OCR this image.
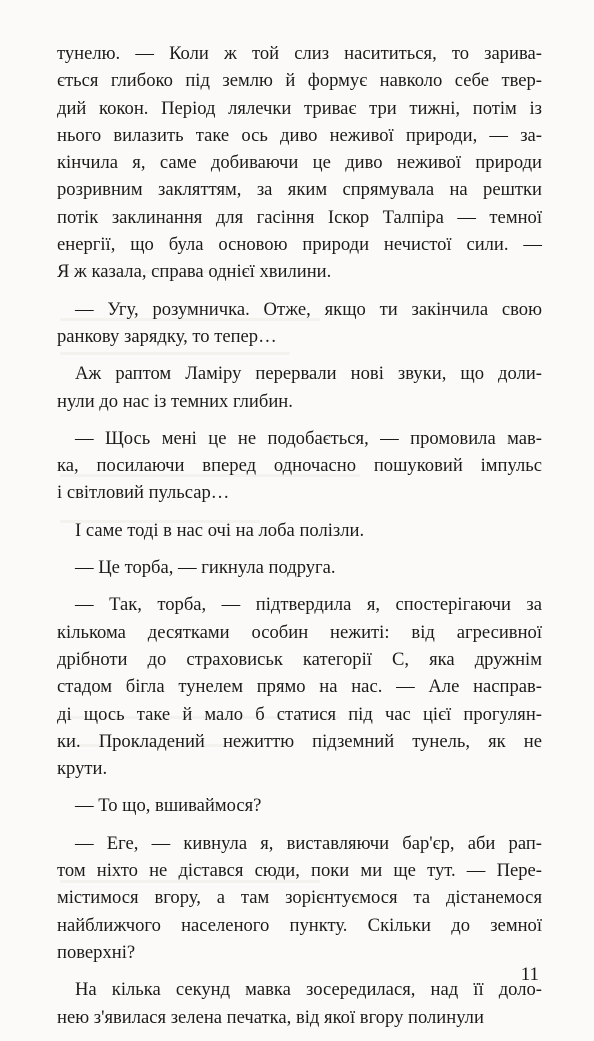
тунелю. — Коли ж той слиз насититься, то зарива-
ється глибоко під землю й формує навколо себе твер-
дий кокон. Період лялечки триває три тижні, потім із
нього вилазить таке ось диво неживої природи, — за-
кінчила я, саме добиваючи це диво неживої природи
розривним закляттям, за яким спрямувала на рештки
потік заклинання для гасіння Іскор Талпіра — темної
енергії, що була основою природи нечистої сили. —
Я ж казала, справа однієї хвилини.
— Угу, розумничка. Отже, якщо ти закінчила свою
ранкову зарядку, то тепер…
Аж раптом Ламіру перервали нові звуки, що доли-
нули до нас із темних глибин.
— Щось мені це не подобається, — промовила мав-
ка, посилаючи вперед одночасно пошуковий імпульс
і світловий пульсар…
І саме тоді в нас очі на лоба полізли.
— Це торба, — гикнула подруга.
— Так, торба, — підтвердила я, спостерігаючи за
кількома десятками особин нежиті: від агресивної
дрібноти до страховиськ категорії С, яка дружнім
стадом бігла тунелем прямо на нас. — Але насправ-
ді щось таке й мало б статися під час цієї прогулян-
ки. Прокладений нежиттю підземний тунель, як не
крути.
— То що, вшиваймося?
— Еге, — кивнула я, виставляючи бар'єр, аби рап-
том ніхто не дістався сюди, поки ми ще тут. — Пере-
містимося вгору, а там зорієнтуємося та дістанемося
найближчого населеного пункту. Скільки до земної
поверхні?
На кілька секунд мавка зосередилася, над її доло-
нею з'явилася зелена печатка, від якої вгору полинули
11
